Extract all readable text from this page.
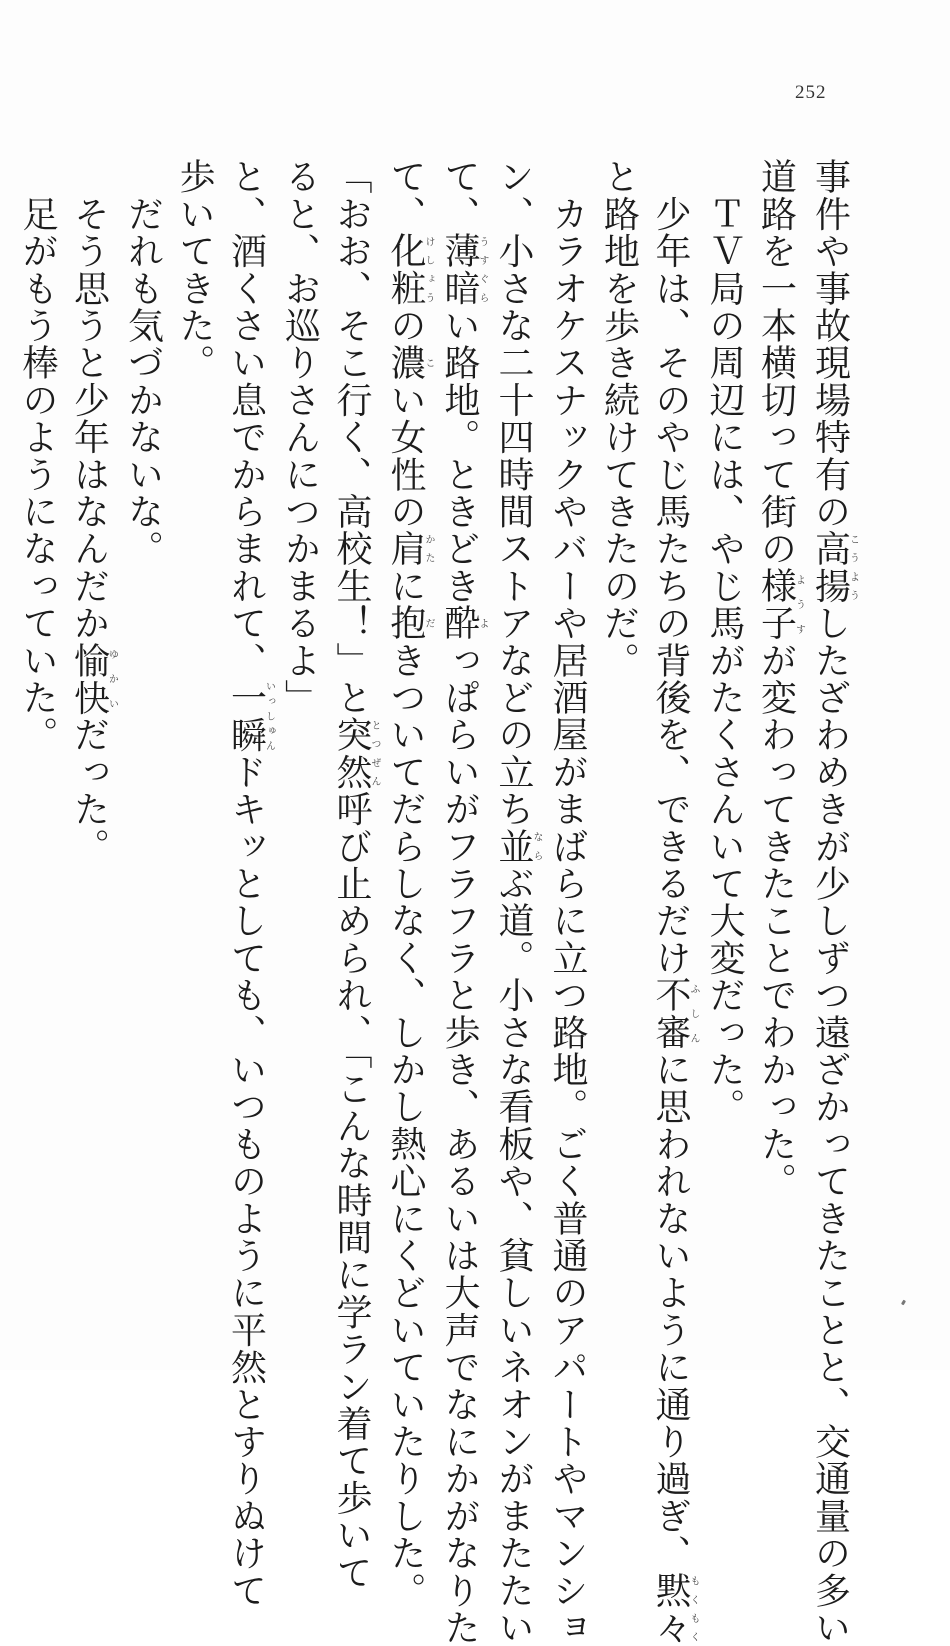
252
事件や事故現場特有の高揚こうようしたざわめきが少しずつ遠ざかってきたことと、交通量の多い
道路を一本横切って街の様子ようすが変わってきたことでわかった。
　ＴＶ局の周辺には、やじ馬がたくさんいて大変だった。
　少年は、そのやじ馬たちの背後を、できるだけ不審ふしんに思われないように通り過ぎ、黙々もくもく
と路地を歩き続けてきたのだ。
　カラオケスナックやバーや居酒屋がまばらに立つ路地。ごく普通のアパートやマンショ
ン、小さな二十四時間ストアなどの立ち並ならぶ道。小さな看板や、貧しいネオンがまたたい
て、薄暗うすぐらい路地。ときどき酔よっぱらいがフラフラと歩き、あるいは大声でなにかがなりた
て、化粧けしょうの濃こい女性の肩かたに抱だきついてだらしなく、しかし熱心にくどいていたりした。
「おお、そこ行く、高校生！」と突然とつぜん呼び止められ、「こんな時間に学ラン着て歩いて
ると、お巡りさんにつかまるよ」
と、酒くさい息でからまれて、一瞬いっしゅんドキッとしても、いつものように平然とすりぬけて
歩いてきた。
　だれも気づかないな。
　そう思うと少年はなんだか愉快ゆかいだった。
　足がもう棒のようになっていた。
